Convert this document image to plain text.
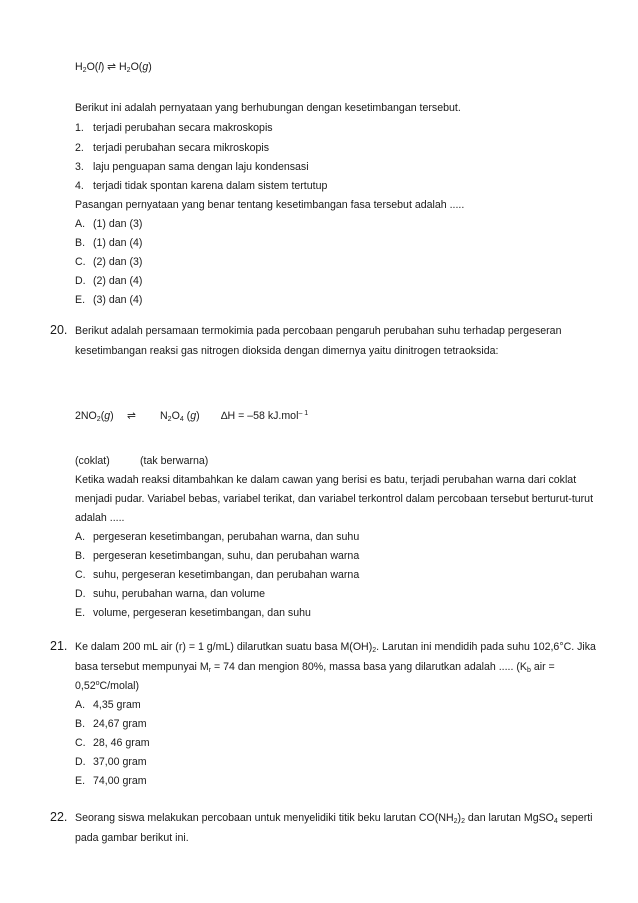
$H_2O(l)$ ⇌ $H_2O(g)$
Berikut ini adalah pernyataan yang berhubungan dengan kesetimbangan tersebut.
1. terjadi perubahan secara makroskopis
2. terjadi perubahan secara mikroskopis
3. laju penguapan sama dengan laju kondensasi
4. terjadi tidak spontan karena dalam sistem tertutup
Pasangan pernyataan yang benar tentang kesetimbangan fasa tersebut adalah .....
A. (1) dan (3)
B. (1) dan (4)
C. (2) dan (3)
D. (2) dan (4)
E. (3) dan (4)
20. Berikut adalah persamaan termokimia pada percobaan pengaruh perubahan suhu terhadap pergeseran
kesetimbangan reaksi gas nitrogen dioksida dengan dimernya yaitu dinitrogen tetraoksida:
$2NO_2(g)$ ⇌ $N_2O_4$ (g) ∆H = –58 kJ.mol$^{- 1}$
(coklat)	(tak berwarna)
Ketika wadah reaksi ditambahkan ke dalam cawan yang berisi es batu, terjadi perubahan warna dari coklat
menjadi pudar. Variabel bebas, variabel terikat, dan variabel terkontrol dalam percobaan tersebut berturut-turut
adalah .....
A. pergeseran kesetimbangan, perubahan warna, dan suhu
B. pergeseran kesetimbangan, suhu, dan perubahan warna
C. suhu, pergeseran kesetimbangan, dan perubahan warna
D. suhu, perubahan warna, dan volume
E. volume, pergeseran kesetimbangan, dan suhu
21. Ke dalam 200 mL air (r) = 1 g/mL) dilarutkan suatu basa $M(OH)_2$. Larutan ini mendidih pada suhu 102,6°C. Jika
basa tersebut mempunyai $M_r = 74$ dan mengion 80%, massa basa yang dilarutkan adalah ..... ($K_b$ air =
$0,52^oC/molal$)
A. 4,35 gram
B. 24,67 gram
C. 28, 46 gram
D. 37,00 gram
E. 74,00 gram
22. Seorang siswa melakukan percobaan untuk menyelidiki titik beku larutan $CO(NH_2)_2$ dan larutan MgSO$_4$ seperti
pada gambar berikut ini.
